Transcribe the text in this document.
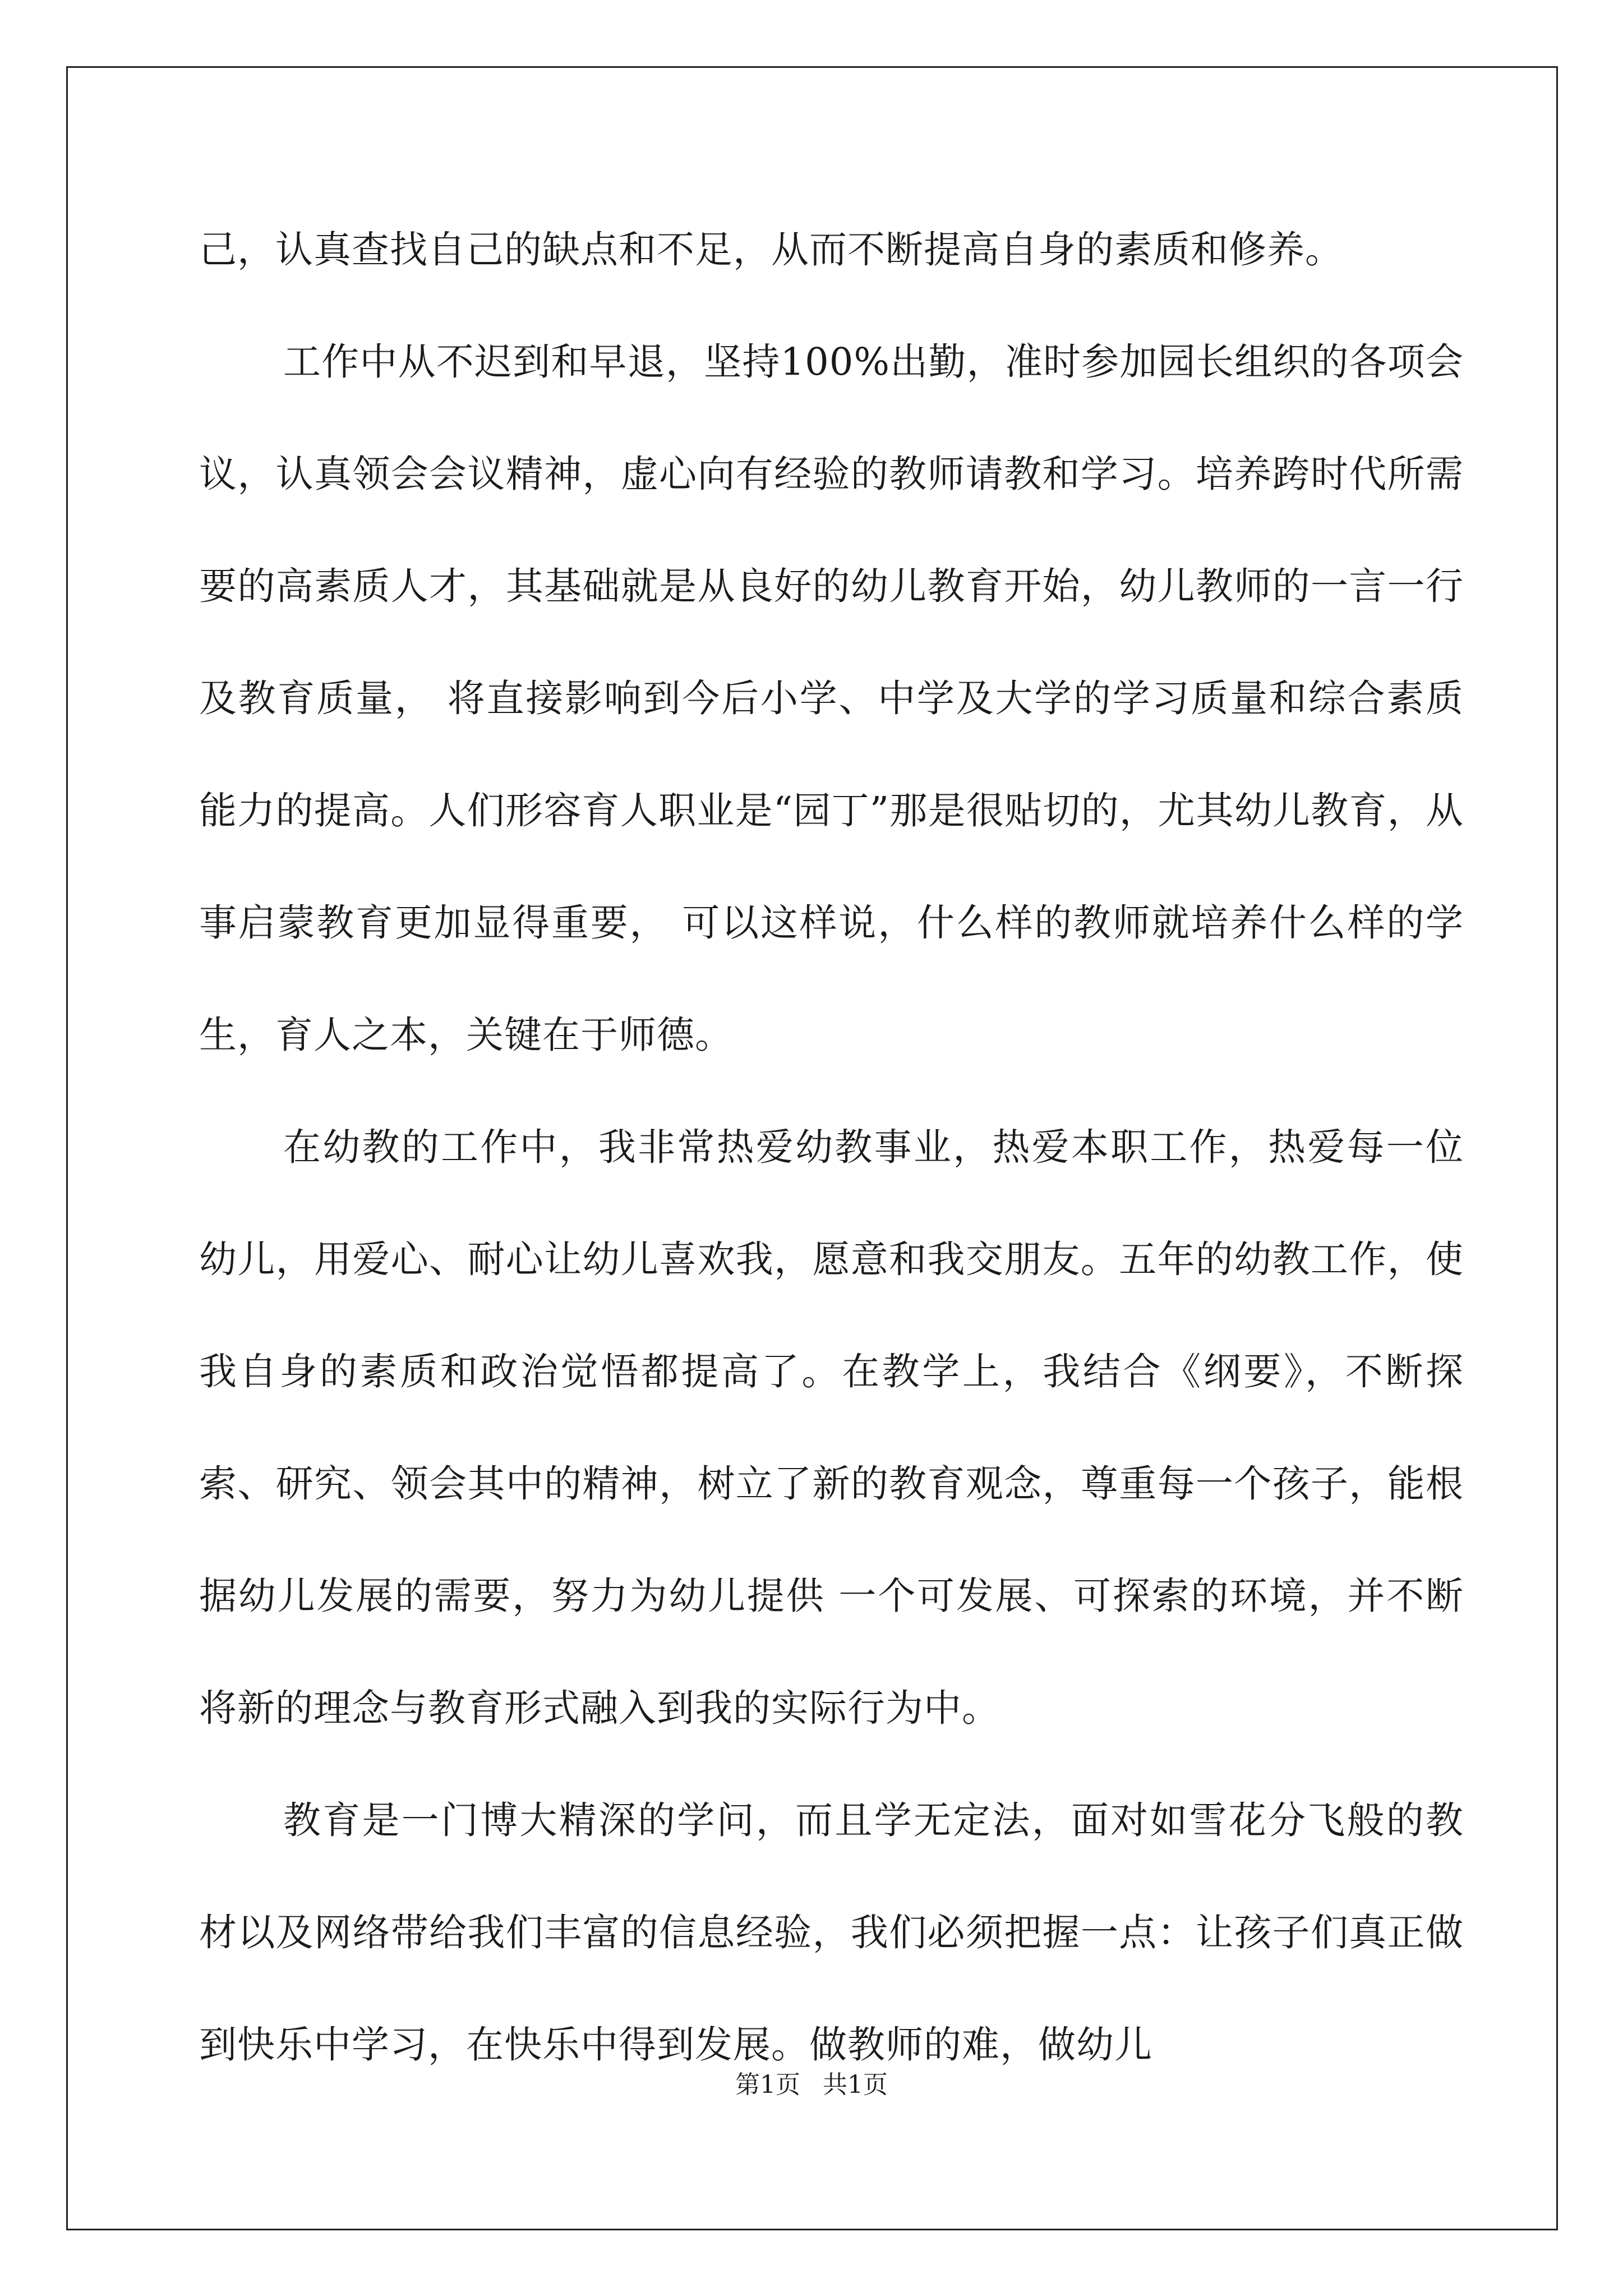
己，认真查找自己的缺点和不足，从而不断提高自身的素质和修养。

工作中从不迟到和早退，坚持100%出勤，准时参加园长组织的各项会议，认真领会会议精神，虚心向有经验的教师请教和学习。培养跨时代所需要的高素质人才，其基础就是从良好的幼儿教育开始，幼儿教师的一言一行及教育质量， 将直接影响到今后小学、中学及大学的学习质量和综合素质能力的提高。人们形容育人职业是“园丁”那是很贴切的，尤其幼儿教育，从事启蒙教育更加显得重要， 可以这样说，什么样的教师就培养什么样的学生，育人之本，关键在于师德。

在幼教的工作中，我非常热爱幼教事业，热爱本职工作，热爱每一位幼儿，用爱心、耐心让幼儿喜欢我，愿意和我交朋友。五年的幼教工作，使我自身的素质和政治觉悟都提高了。在教学上，我结合《纲要》，不断探索、研究、领会其中的精神，树立了新的教育观念，尊重每一个孩子，能根据幼儿发展的需要，努力为幼儿提供 一个可发展、可探索的环境，并不断将新的理念与教育形式融入到我的实际行为中。

教育是一门博大精深的学问，而且学无定法，面对如雪花分飞般的教材以及网络带给我们丰富的信息经验，我们必须把握一点：让孩子们真正做到快乐中学习，在快乐中得到发展。做教师的难，做幼儿

第1页 共1页
